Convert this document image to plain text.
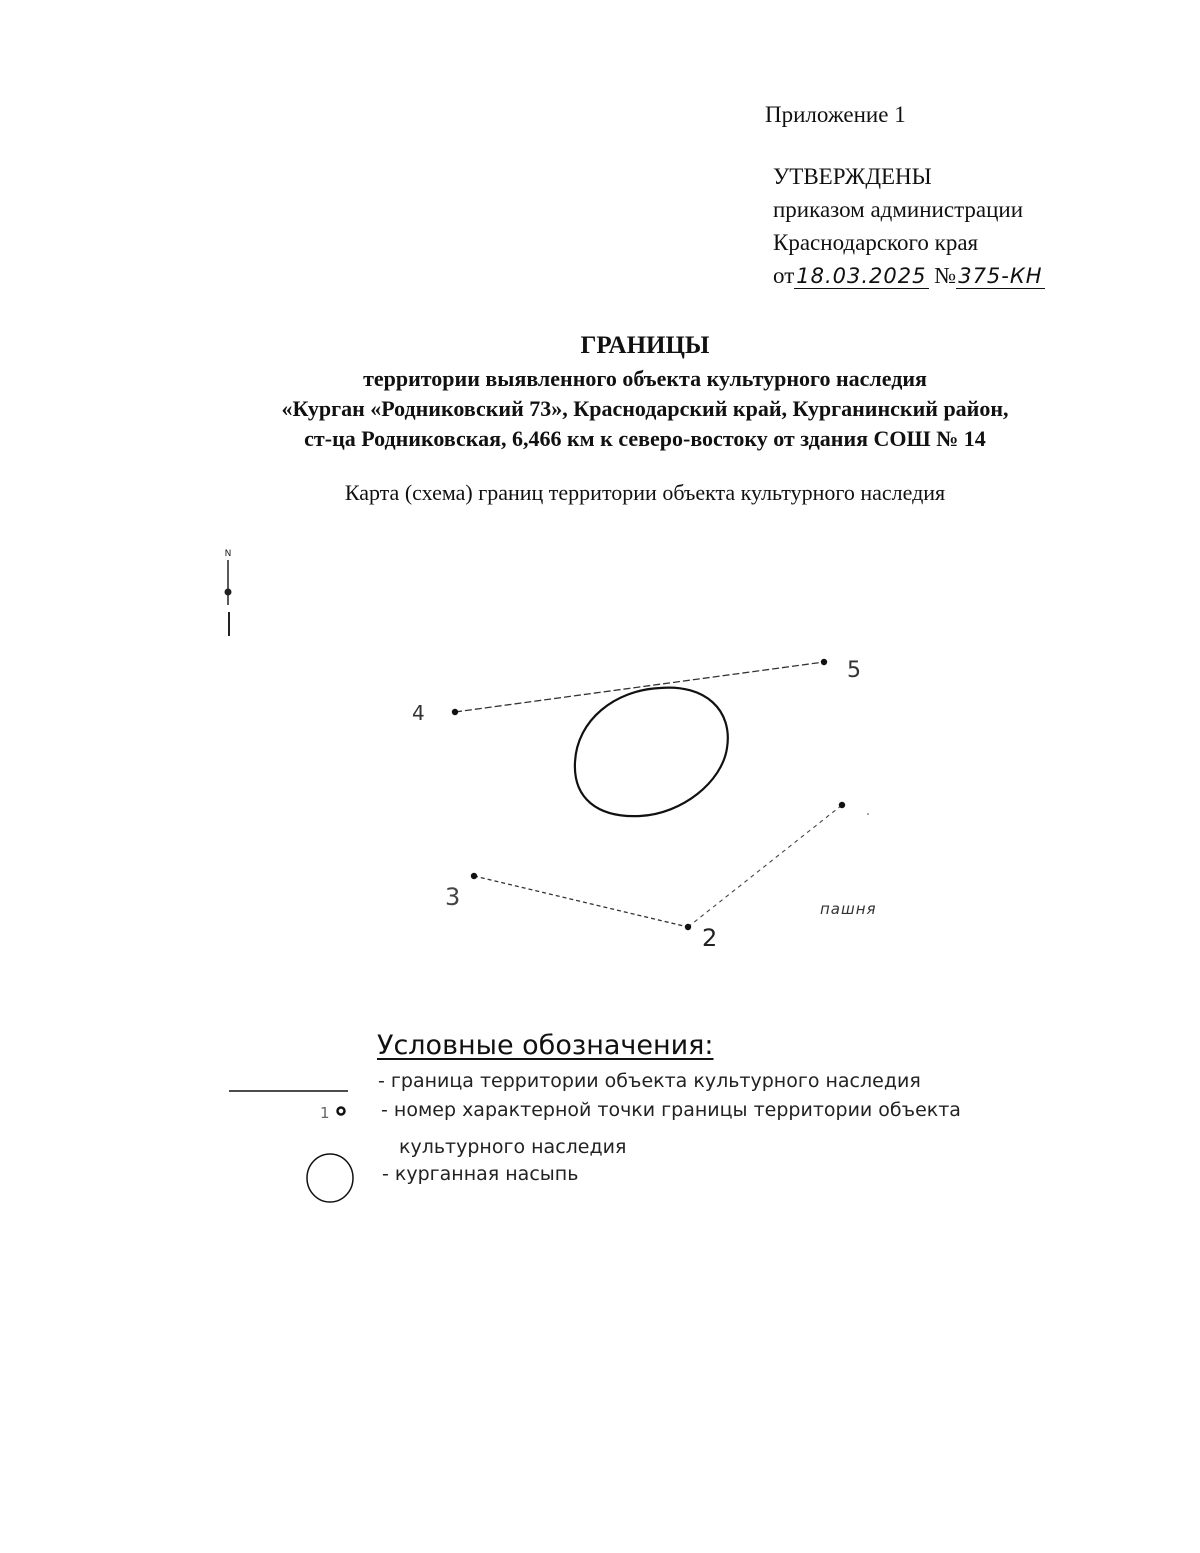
Приложение 1
УТВЕРЖДЕНЫ
приказом администрации
Краснодарского края
от18.03.2025 №375-КН
ГРАНИЦЫ
территории выявленного объекта культурного наследия
«Курган «Родниковский 73», Краснодарский край, Курганинский район,
ст-ца Родниковская, 6,466 км к северо-востоку от здания СОШ № 14
Карта (схема) границ территории объекта культурного наследия
N
4
5
3
2
пашня
1
Условные обозначения:
- граница территории объекта культурного наследия
- номер характерной точки границы территории объекта
культурного наследия
- курганная насыпь
